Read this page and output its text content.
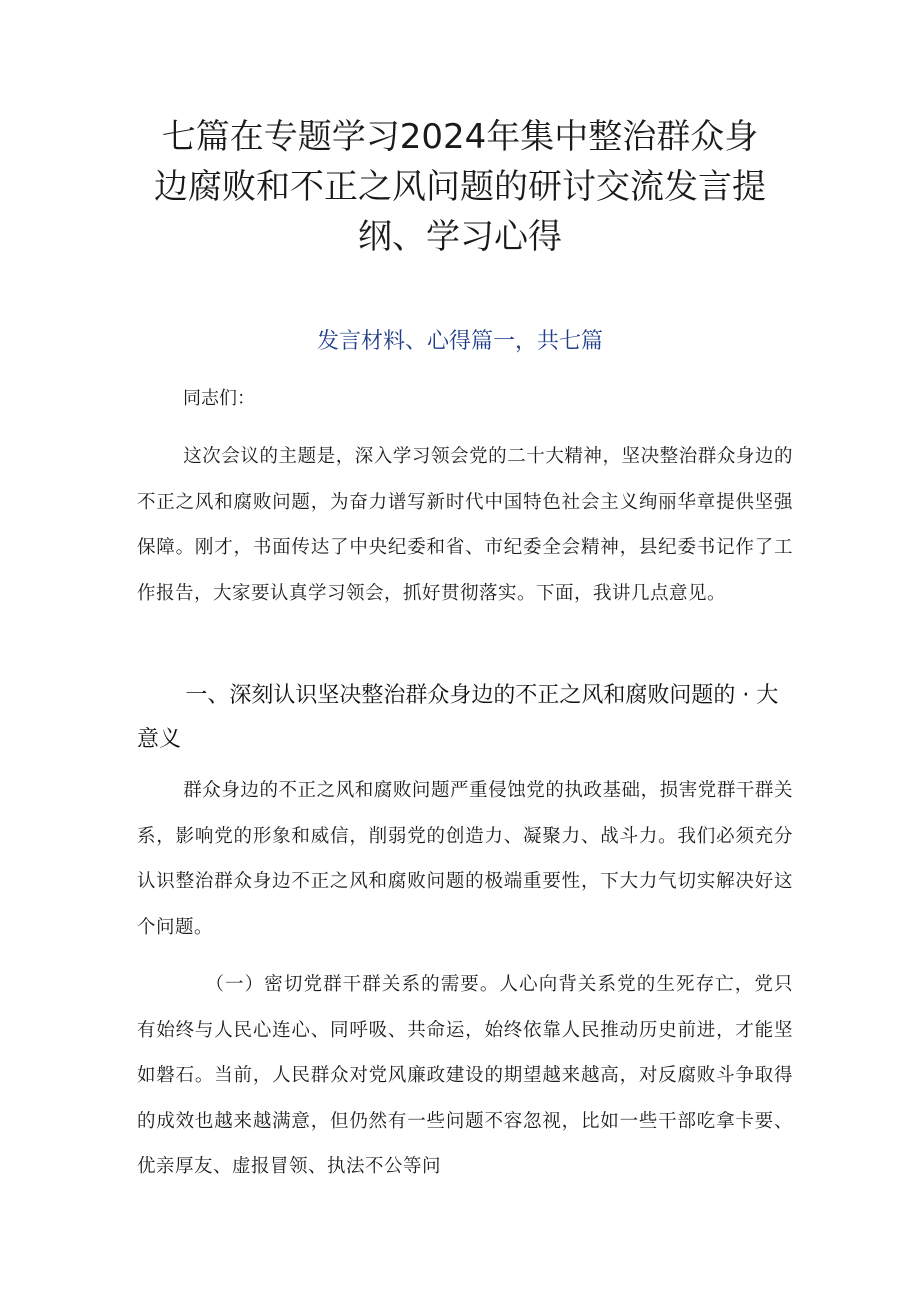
七篇在专题学习2024年集中整治群众身边腐败和不正之风问题的研讨交流发言提纲、学习心得
发言材料、心得篇一，共七篇

同志们：

这次会议的主题是，深入学习领会党的二十大精神，坚决整治群众身边的不正之风和腐败问题，为奋力谱写新时代中国特色社会主义绚丽华章提供坚强保障。刚才，书面传达了中央纪委和省、市纪委全会精神，县纪委书记作了工作报告，大家要认真学习领会，抓好贯彻落实。下面，我讲几点意见。

一、深刻认识坚决整治群众身边的不正之风和腐败问题的 · 大意义

群众身边的不正之风和腐败问题严重侵蚀党的执政基础，损害党群干群关系，影响党的形象和威信，削弱党的创造力、凝聚力、战斗力。我们必须充分认识整治群众身边不正之风和腐败问题的极端重要性，下大力气切实解决好这个问题。

（一）密切党群干群关系的需要。人心向背关系党的生死存亡，党只有始终与人民心连心、同呼吸、共命运，始终依靠人民推动历史前进，才能坚如磐石。当前，人民群众对党风廉政建设的期望越来越高，对反腐败斗争取得的成效也越来越满意，但仍然有一些问题不容忽视，比如一些干部吃拿卡要、优亲厚友、虚报冒领、执法不公等问
